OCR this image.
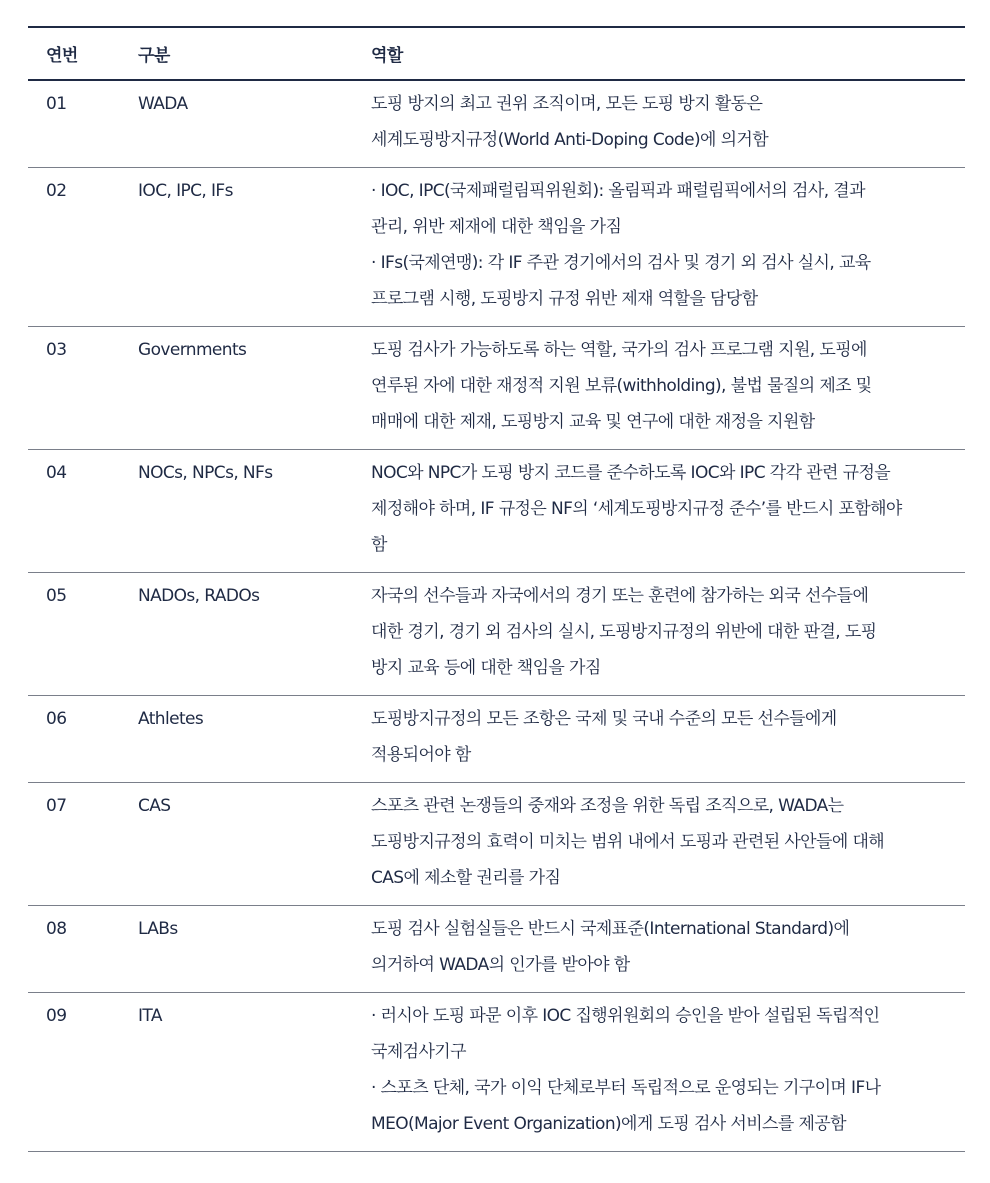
연번	구분	역할
01	WADA	도핑 방지의 최고 권위 조직이며, 모든 도핑 방지 활동은
세계도핑방지규정(World Anti-Doping Code)에 의거함

02	IOC, IPC, IFs	· IOC, IPC(국제패럴림픽위원회): 올림픽과 패럴림픽에서의 검사, 결과
관리, 위반 제재에 대한 책임을 가짐
· IFs(국제연맹): 각 IF 주관 경기에서의 검사 및 경기 외 검사 실시, 교육
프로그램 시행, 도핑방지 규정 위반 제재 역할을 담당함

03	Governments	도핑 검사가 가능하도록 하는 역할, 국가의 검사 프로그램 지원, 도핑에
연루된 자에 대한 재정적 지원 보류(withholding), 불법 물질의 제조 및
매매에 대한 제재, 도핑방지 교육 및 연구에 대한 재정을 지원함

04	NOCs, NPCs, NFs	NOC와 NPC가 도핑 방지 코드를 준수하도록 IOC와 IPC 각각 관련 규정을
제정해야 하며, IF 규정은 NF의 ‘세계도핑방지규정 준수’를 반드시 포함해야
함

05	NADOs, RADOs	자국의 선수들과 자국에서의 경기 또는 훈련에 참가하는 외국 선수들에
대한 경기, 경기 외 검사의 실시, 도핑방지규정의 위반에 대한 판결, 도핑
방지 교육 등에 대한 책임을 가짐

06	Athletes	도핑방지규정의 모든 조항은 국제 및 국내 수준의 모든 선수들에게
적용되어야 함

07	CAS	스포츠 관련 논쟁들의 중재와 조정을 위한 독립 조직으로, WADA는
도핑방지규정의 효력이 미치는 범위 내에서 도핑과 관련된 사안들에 대해
CAS에 제소할 권리를 가짐

08	LABs	도핑 검사 실험실들은 반드시 국제표준(International Standard)에
의거하여 WADA의 인가를 받아야 함

09	ITA	· 러시아 도핑 파문 이후 IOC 집행위원회의 승인을 받아 설립된 독립적인
국제검사기구
· 스포츠 단체, 국가 이익 단체로부터 독립적으로 운영되는 기구이며 IF나
MEO(Major Event Organization)에게 도핑 검사 서비스를 제공함
